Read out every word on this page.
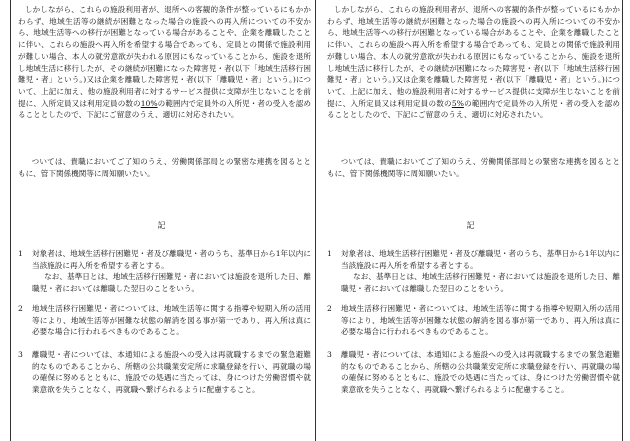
しかしながら、これらの施設利用者が、退所への客観的条件が整っているにもかかわらず、地域生活等の継続が困難となった場合の施設への再入所についての不安から、地域生活等への移行が困難となっている場合があることや、企業を離職したことに伴い、これらの施設へ再入所を希望する場合であっても、定員との関係で施設利用が難しい場合、本人の就労意欲が失われる原因にもなっていることから、施設を退所し地域生活に移行したが、その継続が困難になった障害児・者(以下「地域生活移行困難児・者」という。)又は企業を離職した障害児・者(以下「離職児・者」という。)について、上記に加え、他の施設利用者に対するサービス提供に支障が生じないことを前提に、入所定員又は利用定員の数の10%の範囲内で定員外の入所児・者の受入を認めることとしたので、下記にご留意のうえ、適切に対応されたい。

ついては、貴職においてご了知のうえ、労働関係部局との緊密な連携を図るとともに、管下関係機関等に周知願いたい。

記
1 対象者は、地域生活移行困難児・者及び離職児・者のうち、基準日から1年以内に当該施設に再入所を希望する者とする。
なお、基準日とは、地域生活移行困難児・者においては施設を退所した日、離職児・者においては離職した翌日のことをいう。
2 地域生活移行困難児・者については、地域生活等に関する指導や短期入所の活用等により、地域生活等が困難な状態の解消を図る事が第一であり、再入所は真に必要な場合に行われるべきものであること。
3 離職児・者については、本通知による施設への受入は再就職するまでの緊急避難的なものであることから、所轄の公共職業安定所に求職登録を行い、再就職の場の確保に努めるとともに、施設での処遇に当たっては、身につけた労働習慣や就業意欲を失うことなく、再就職へ繋げられるように配慮すること。

しかしながら、これらの施設利用者が、退所への客観的条件が整っているにもかかわらず、地域生活等の継続が困難となった場合の施設への再入所についての不安から、地域生活等への移行が困難となっている場合があることや、企業を離職したことに伴い、これらの施設へ再入所を希望する場合であっても、定員との関係で施設利用が難しい場合、本人の就労意欲が失われる原因にもなっていることから、施設を退所し地域生活に移行したが、その継続が困難になった障害児・者(以下「地域生活移行困難児・者」という。)又は企業を離職した障害児・者(以下「離職児・者」という。)について、上記に加え、他の施設利用者に対するサービス提供に支障が生じないことを前提に、入所定員又は利用定員の数の5%の範囲内で定員外の入所児・者の受入を認めることとしたので、下記にご留意のうえ、適切に対応されたい。

ついては、貴職においてご了知のうえ、労働関係部局との緊密な連携を図るとともに、管下関係機関等に周知願いたい。

記
1 対象者は、地域生活移行困難児・者及び離職児・者のうち、基準日から1年以内に当該施設に再入所を希望する者とする。
なお、基準日とは、地域生活移行困難児・者においては施設を退所した日、離職児・者においては離職した翌日のことをいう。
2 地域生活移行困難児・者については、地域生活等に関する指導や短期入所の活用等により、地域生活等が困難な状態の解消を図る事が第一であり、再入所は真に必要な場合に行われるべきものであること。
3 離職児・者については、本通知による施設への受入は再就職するまでの緊急避難的なものであることから、所轄の公共職業安定所に求職登録を行い、再就職の場の確保に努めるとともに、施設での処遇に当たっては、身につけた労働習慣や就業意欲を失うことなく、再就職へ繋げられるように配慮すること。
